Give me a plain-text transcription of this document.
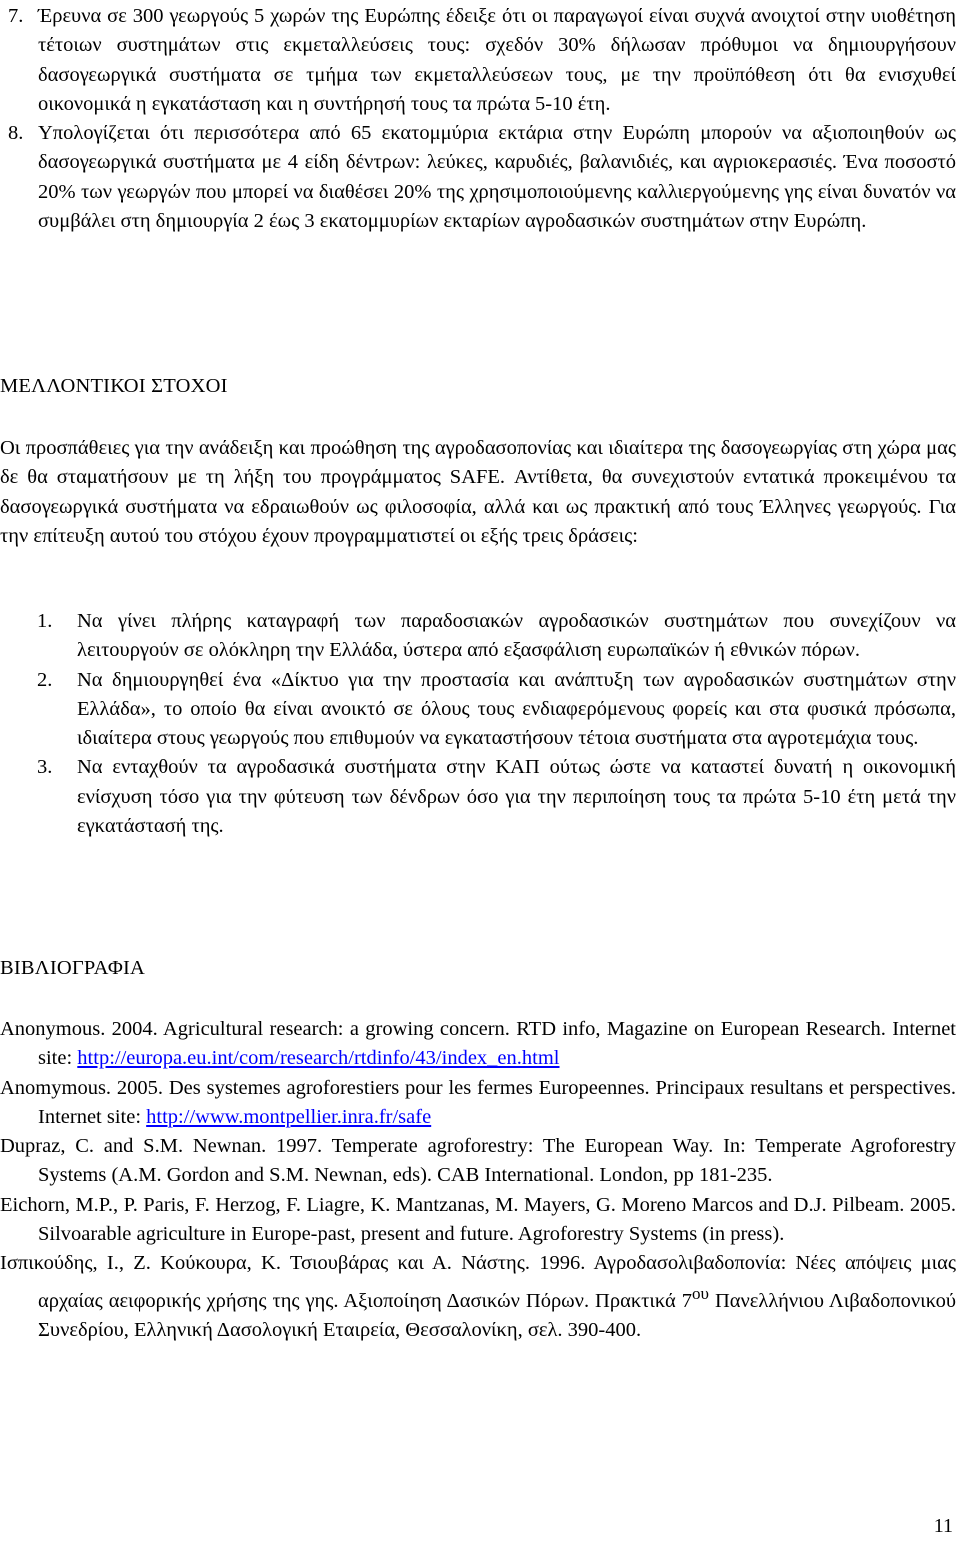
7. Έρευνα σε 300 γεωργούς 5 χωρών της Ευρώπης έδειξε ότι οι παραγωγοί είναι συχνά ανοιχτοί στην υιοθέτηση τέτοιων συστημάτων στις εκμεταλλεύσεις τους: σχεδόν 30% δήλωσαν πρόθυμοι να δημιουργήσουν δασογεωργικά συστήματα σε τμήμα των εκμεταλλεύσεων τους, με την προϋπόθεση ότι θα ενισχυθεί οικονομικά η εγκατάσταση και η συντήρησή τους τα πρώτα 5-10 έτη.
8. Υπολογίζεται ότι περισσότερα από 65 εκατομμύρια εκτάρια στην Ευρώπη μπορούν να αξιοποιηθούν ως δασογεωργικά συστήματα με 4 είδη δέντρων: λεύκες, καρυδιές, βαλανιδιές, και αγριοκερασιές. Ένα ποσοστό 20% των γεωργών που μπορεί να διαθέσει 20% της χρησιμοποιούμενης καλλιεργούμενης γης είναι δυνατόν να συμβάλει στη δημιουργία 2 έως 3 εκατομμυρίων εκταρίων αγροδασικών συστημάτων στην Ευρώπη.
ΜΕΛΛΟΝΤΙΚΟΙ ΣΤΟΧΟΙ
Οι προσπάθειες για την ανάδειξη και προώθηση της αγροδασοπονίας και ιδιαίτερα της δασογεωργίας στη χώρα μας δε θα σταματήσουν με τη λήξη του προγράμματος SAFE. Αντίθετα, θα συνεχιστούν εντατικά προκειμένου τα δασογεωργικά συστήματα να εδραιωθούν ως φιλοσοφία, αλλά και ως πρακτική από τους Έλληνες γεωργούς. Για την επίτευξη αυτού του στόχου έχουν προγραμματιστεί οι εξής τρεις δράσεις:
1. Να γίνει πλήρης καταγραφή των παραδοσιακών αγροδασικών συστημάτων που συνεχίζουν να λειτουργούν σε ολόκληρη την Ελλάδα, ύστερα από εξασφάλιση ευρωπαϊκών ή εθνικών πόρων.
2. Να δημιουργηθεί ένα «Δίκτυο για την προστασία και ανάπτυξη των αγροδασικών συστημάτων στην Ελλάδα», το οποίο θα είναι ανοικτό σε όλους τους ενδιαφερόμενους φορείς και στα φυσικά πρόσωπα, ιδιαίτερα στους γεωργούς που επιθυμούν να εγκαταστήσουν τέτοια συστήματα στα αγροτεμάχια τους.
3. Να ενταχθούν τα αγροδασικά συστήματα στην ΚΑΠ ούτως ώστε να καταστεί δυνατή η οικονομική ενίσχυση τόσο για την φύτευση των δένδρων όσο για την περιποίηση τους τα πρώτα 5-10 έτη μετά την εγκατάστασή της.
ΒΙΒΛΙΟΓΡΑΦΙΑ
Anonymous. 2004. Agricultural research: a growing concern. RTD info, Magazine on European Research. Internet site: http://europa.eu.int/com/research/rtdinfo/43/index_en.html
Anomymous. 2005. Des systemes agroforestiers pour les fermes Europeennes. Principaux resultans et perspectives. Internet site: http://www.montpellier.inra.fr/safe
Dupraz, C. and S.M. Newnan. 1997. Temperate agroforestry: The European Way. In: Temperate Agroforestry Systems (A.M. Gordon and S.M. Newnan, eds). CAB International. London, pp 181-235.
Eichorn, M.P., P. Paris, F. Herzog, F. Liagre, K. Mantzanas, M. Mayers, G. Moreno Marcos and D.J. Pilbeam. 2005. Silvoarable agriculture in Europe-past, present and future. Agroforestry Systems (in press).
Ισπικούδης, Ι., Ζ. Κούκουρα, Κ. Τσιουβάρας και Α. Νάστης. 1996. Αγροδασολιβαδοπονία: Νέες απόψεις μιας αρχαίας αειφορικής χρήσης της γης. Αξιοποίηση Δασικών Πόρων. Πρακτικά $7^{o\upsilon}$ Πανελλήνιου Λιβαδοπονικού Συνεδρίου, Ελληνική Δασολογική Εταιρεία, Θεσσαλονίκη, σελ. 390-400.
11
